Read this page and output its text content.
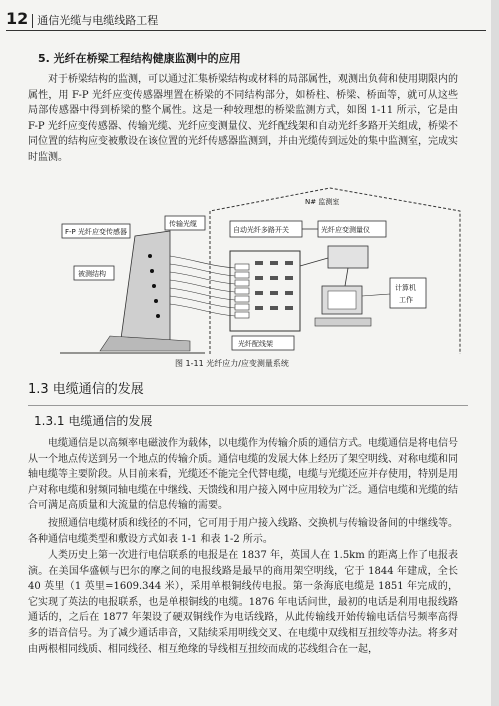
12 通信光缆与电缆线路工程
5. 光纤在桥梁工程结构健康监测中的应用

对于桥梁结构的监测，可以通过汇集桥梁结构或材料的局部属性，观测出负荷和使用期限内的属性，用 F-P 光纤应变传感器埋置在桥梁的不同结构部分，如桥柱、桥梁、桥面等，就可从这些局部传感器中得到桥梁的整个属性。这是一种较理想的桥梁监测方式，如图 1-11 所示，它是由 F-P 光纤应变传感器、传输光缆、光纤应变测量仪、光纤配线架和自动光纤多路开关组成，桥梁不同位置的结构应变被敷设在该位置的光纤传感器监测到，并由光缆传到远处的集中监测室，完成实时监测。

N# 监测室
F-P 光纤应变传感器
被测结构
传输光缆
光纤配线架
自动光纤多路开关	光纤应变测量仪
计算机
工作
图 1-11 光纤应力/应变测量系统
1.3 电缆通信的发展
1.3.1 电缆通信的发展

电缆通信是以高频率电磁波作为载体，以电缆作为传输介质的通信方式。电缆通信是将电信号从一个地点传送到另一个地点的传输介质。通信电缆的发展大体上经历了架空明线、对称电缆和同轴电缆等主要阶段。从目前来看，光缆还不能完全代替电缆，电缆与光缆还应并存使用，特别是用户对称电缆和射频同轴电缆在中继线、天馈线和用户接入网中应用较为广泛。通信电缆和光缆的结合可满足高质量和大流量的信息传输的需要。

按照通信电缆材质和线径的不同，它可用于用户接入线路、交换机与传输设备间的中继线等。各种通信电缆类型和敷设方式如表 1-1 和表 1-2 所示。

人类历史上第一次进行电信联系的电报是在 1837 年，英国人在 1.5km 的距离上作了电报表演。在美国华盛顿与巴尔的摩之间的电报线路是最早的商用架空明线，它于 1844 年建成，全长 40 英里（1 英里=1609.344 米），采用单根铜线传电报。第一条海底电缆是 1851 年完成的，它实现了英法的电报联系，也是单根铜线的电缆。1876 年电话问世，最初的电话是利用电报线路通话的，之后在 1877 年架设了硬双铜线作为电话线路，从此传输线开始传输电话信号频率高得多的语音信号。为了减少通话串音，又陆续采用明线交叉、在电缆中双线相互扭绞等办法。将多对由两根相同线质、相同线径、相互绝缘的导线相互扭绞而成的芯线组合在一起，
